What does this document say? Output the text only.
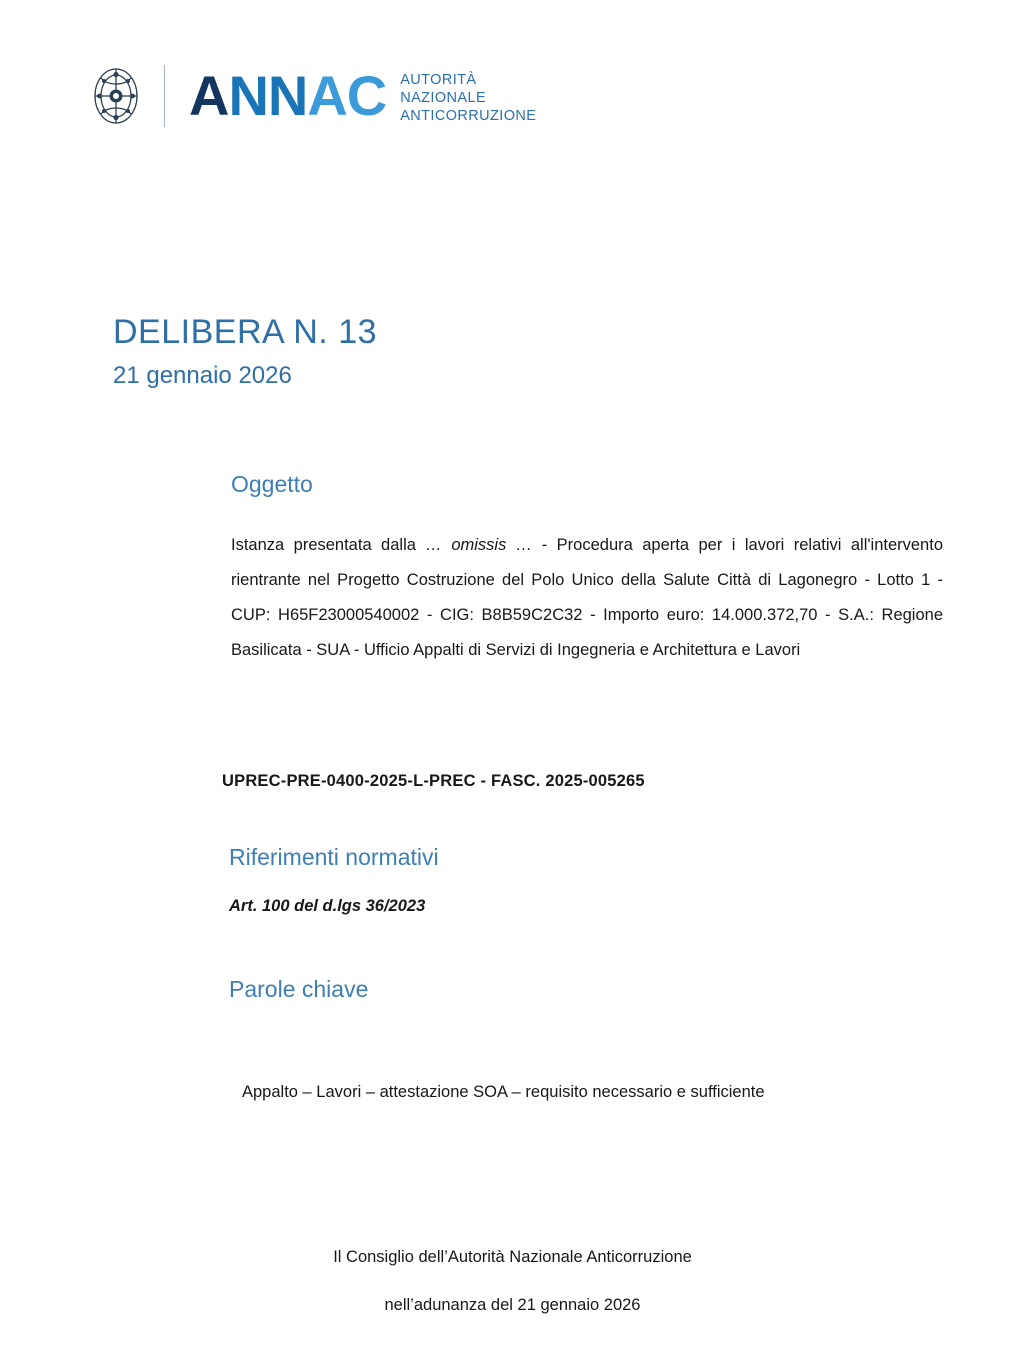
ANNAC AUTORITÀ
NAZIONALE
ANTICORRUZIONE
DELIBERA N. 13
21 gennaio 2026
Oggetto

Istanza presentata dalla … omissis … - Procedura aperta per i lavori relativi all'intervento rientrante nel Progetto Costruzione del Polo Unico della Salute Città di Lagonegro - Lotto 1 - CUP: H65F23000540002 - CIG: B8B59C2C32 - Importo euro: 14.000.372,70 - S.A.: Regione Basilicata - SUA - Ufficio Appalti di Servizi di Ingegneria e Architettura e Lavori

UPREC-PRE-0400-2025-L-PREC - FASC. 2025-005265
Riferimenti normativi
Art. 100 del d.lgs 36/2023
Parole chiave
Appalto – Lavori – attestazione SOA – requisito necessario e sufficiente
Il Consiglio dell’Autorità Nazionale Anticorruzione
nell’adunanza del 21 gennaio 2026
